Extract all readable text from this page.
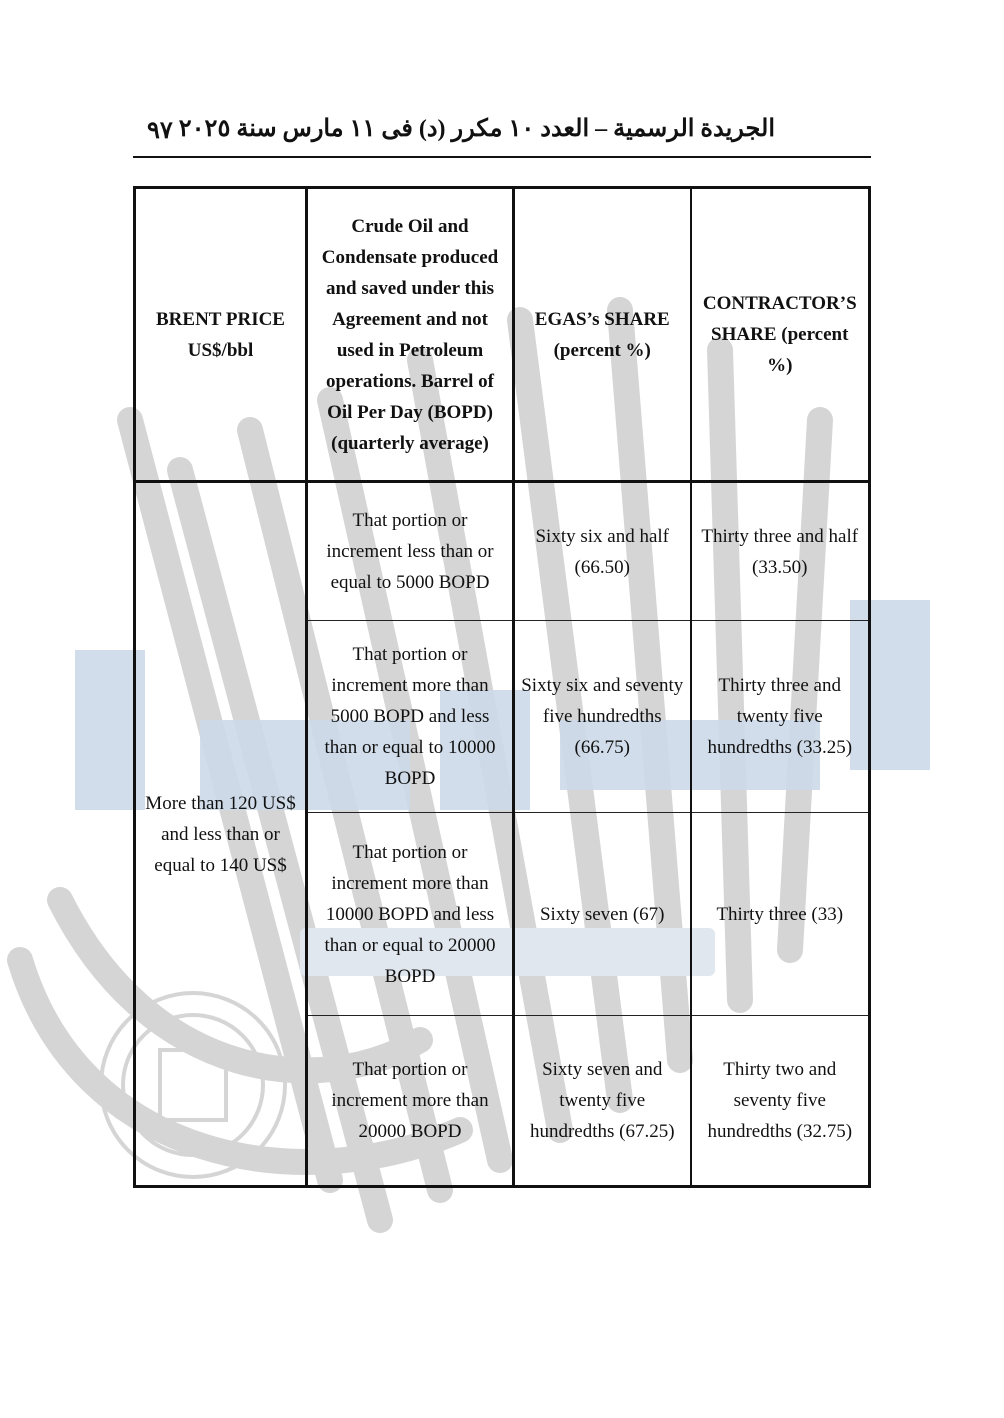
٩٧ الجريدة الرسمية – العدد ١٠ مكرر (د) فى ١١ مارس سنة ٢٠٢٥
BRENT PRICE US$/bbl	Crude Oil and Condensate produced and saved under this Agreement and not used in Petroleum operations. Barrel of Oil Per Day (BOPD) (quarterly average)	EGAS’s SHARE (percent %)	CONTRACTOR’S SHARE (percent %)
More than 120 US$ and less than or equal to 140 US$	That portion or increment less than or equal to 5000 BOPD	Sixty six and half (66.50)	Thirty three and half (33.50)
	That portion or increment more than 5000 BOPD and less than or equal to 10000 BOPD	Sixty six and seventy five hundredths (66.75)	Thirty three and twenty five hundredths (33.25)
	That portion or increment more than 10000 BOPD and less than or equal to 20000 BOPD	Sixty seven (67)	Thirty three (33)
	That portion or increment more than 20000 BOPD	Sixty seven and twenty five hundredths (67.25)	Thirty two and seventy five hundredths (32.75)
